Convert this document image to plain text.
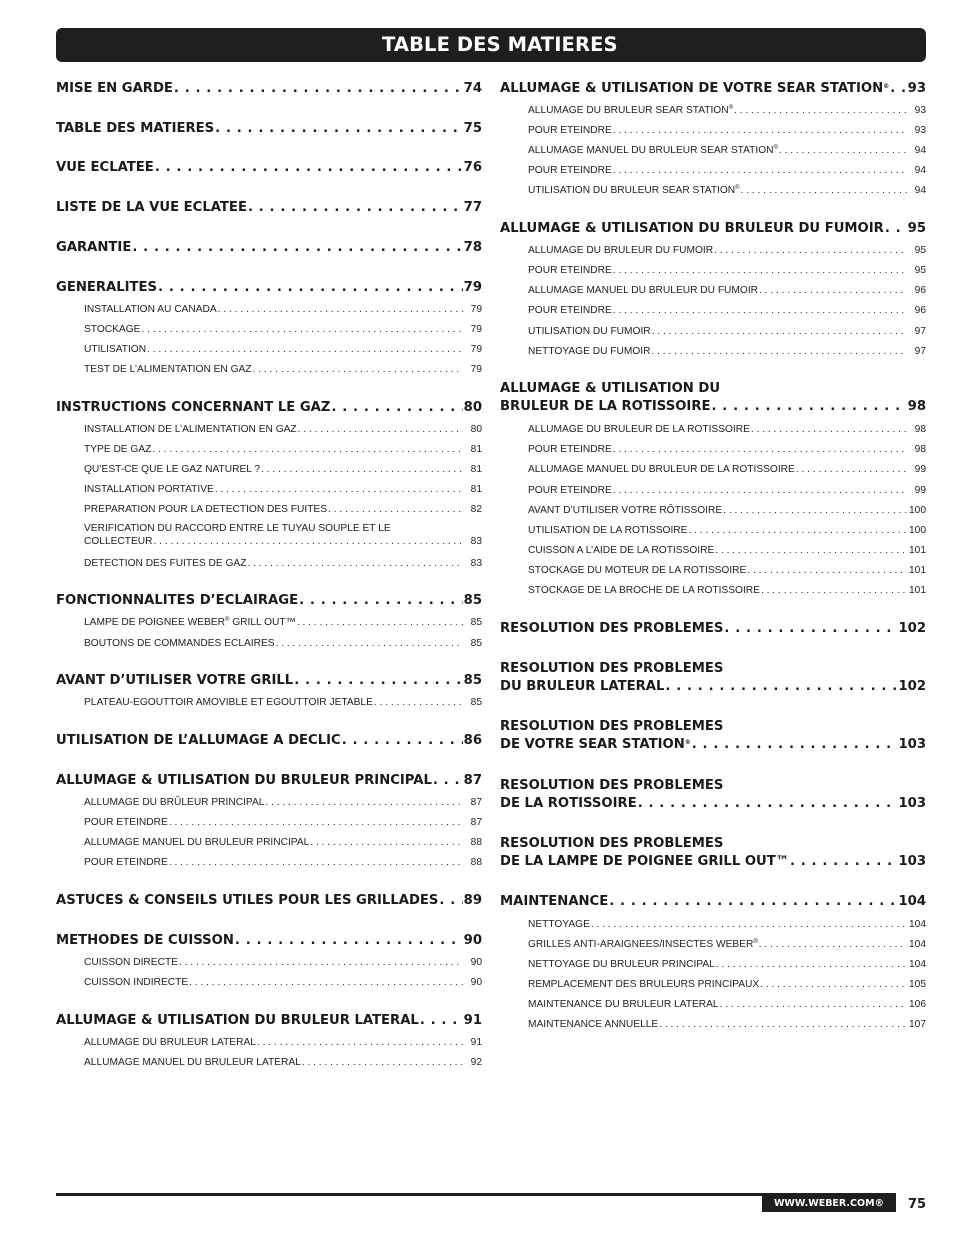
TABLE DES MATIERES
MISE EN GARDE . . .	74
TABLE DES MATIERES . . .	75
VUE ECLATEE . . .	76
LISTE DE LA VUE ECLATEE . . .	77
GARANTIE . . .	78
GENERALITES . . .	79
INSTALLATION AU CANADA . . .	79
STOCKAGE . . .	79
UTILISATION . . .	79
TEST DE L’ALIMENTATION EN GAZ . . .	79
INSTRUCTIONS CONCERNANT LE GAZ . . .	80
INSTALLATION DE L’ALIMENTATION EN GAZ . . .	80
TYPE DE GAZ . . .	81
QU’EST-CE QUE LE GAZ NATUREL ? . . .	81
INSTALLATION PORTATIVE . . .	81
PREPARATION POUR LA DETECTION DES FUITES . . .	82
VERIFICATION DU RACCORD ENTRE LE TUYAU SOUPLE ET LE
COLLECTEUR . . .	83
DETECTION DES FUITES DE GAZ . . .	83
FONCTIONNALITES D’ECLAIRAGE . . .	85
LAMPE DE POIGNEE WEBER® GRILL OUT™ . . .	85
BOUTONS DE COMMANDES ECLAIRES . . .	85
AVANT D’UTILISER VOTRE GRILL . . .	85
PLATEAU-EGOUTTOIR AMOVIBLE ET EGOUTTOIR JETABLE . . .	85
UTILISATION DE L’ALLUMAGE A DECLIC . . .	86
ALLUMAGE & UTILISATION DU BRULEUR PRINCIPAL . . . 87
ALLUMAGE DU BRÛLEUR PRINCIPAL . . .	87
POUR ETEINDRE . . .	87
ALLUMAGE MANUEL DU BRULEUR PRINCIPAL . . .	88
POUR ETEINDRE . . .	88
ASTUCES & CONSEILS UTILES POUR LES GRILLADES . . . 89
METHODES DE CUISSON . . .	90
CUISSON DIRECTE . . .	90
CUISSON INDIRECTE . . .	90
ALLUMAGE & UTILISATION DU BRULEUR LATERAL . . .	91
ALLUMAGE DU BRULEUR LATERAL . . .	91
ALLUMAGE MANUEL DU BRULEUR LATERAL . . .	92
ALLUMAGE & UTILISATION DE VOTRE SEAR STATION® . . . 93
ALLUMAGE DU BRULEUR SEAR STATION® . . .	93
POUR ETEINDRE . . .	93
ALLUMAGE MANUEL DU BRULEUR SEAR STATION® . . .	94
POUR ETEINDRE . . .	94
UTILISATION DU BRULEUR SEAR STATION® . . .	94
ALLUMAGE & UTILISATION DU BRULEUR DU FUMOIR . . . 95
ALLUMAGE DU BRULEUR DU FUMOIR . . .	95
POUR ETEINDRE . . .	95
ALLUMAGE MANUEL DU BRULEUR DU FUMOIR . . .	96
POUR ETEINDRE . . .	96
UTILISATION DU FUMOIR . . .	97
NETTOYAGE DU FUMOIR . . .	97
ALLUMAGE & UTILISATION DU
BRULEUR DE LA ROTISSOIRE . . .	98
ALLUMAGE DU BRULEUR DE LA ROTISSOIRE . . .	98
POUR ETEINDRE . . .	98
ALLUMAGE MANUEL DU BRULEUR DE LA ROTISSOIRE . . .	99
POUR ETEINDRE . . .	99
AVANT D’UTILISER VOTRE RÔTISSOIRE . . .	100
UTILISATION DE LA ROTISSOIRE . . .	100
CUISSON A L’AIDE DE LA ROTISSOIRE . . .	101
STOCKAGE DU MOTEUR DE LA ROTISSOIRE . . .	101
STOCKAGE DE LA BROCHE DE LA ROTISSOIRE . . .	101
RESOLUTION DES PROBLEMES . . .	102
RESOLUTION DES PROBLEMES
DU BRULEUR LATERAL . . .	102
RESOLUTION DES PROBLEMES
DE VOTRE SEAR STATION® . . .	103
RESOLUTION DES PROBLEMES
DE LA ROTISSOIRE . . .	103
RESOLUTION DES PROBLEMES
DE LA LAMPE DE POIGNEE GRILL OUT™ . . .	103
MAINTENANCE . . .	104
NETTOYAGE . . .	104
GRILLES ANTI-ARAIGNEES/INSECTES WEBER® . . .	104
NETTOYAGE DU BRULEUR PRINCIPAL . . .	104
REMPLACEMENT DES BRULEURS PRINCIPAUX . . .	105
MAINTENANCE DU BRULEUR LATERAL . . .	106
MAINTENANCE ANNUELLE . . .	107
WWW.WEBER.COM®	75
